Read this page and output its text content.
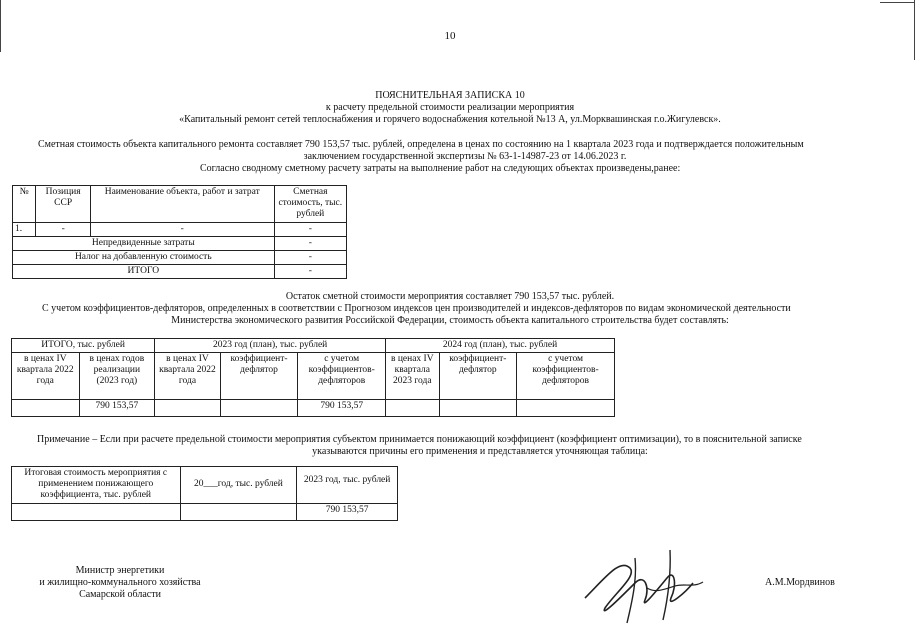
10
ПОЯСНИТЕЛЬНАЯ ЗАПИСКА 10
к расчету предельной стоимости реализации мероприятия
«Капитальный ремонт сетей теплоснабжения и горячего водоснабжения котельной №13 А, ул.Морквашинская г.о.Жигулевск».
Сметная стоимость объекта капитального ремонта составляет 790 153,57 тыс. рублей, определена в ценах по состоянию на 1 квартала 2023 года и подтверждается положительным
заключением государственной экспертизы № 63-1-14987-23 от 14.06.2023 г.
Согласно сводному сметному расчету затраты на выполнение работ на следующих объектах произведены,ранее:
№	Позиция ССР	Наименование объекта, работ и затрат	Сметная стоимость, тыс. рублей
1.	-	-	-
Непредвиденные затраты			-
Налог на добавленную стоимость			-
ИТОГО			-
Остаток сметной стоимости мероприятия составляет 790 153,57 тыс. рублей.
С учетом коэффициентов-дефляторов, определенных в соответствии с Прогнозом индексов цен производителей и индексов-дефляторов по видам экономической деятельности
Министерства экономического развития Российской Федерации, стоимость объекта капитального строительства будет составлять:
ИТОГО, тыс. рублей		2023 год (план), тыс. рублей			2024 год (план), тыс. рублей		
в ценах IV квартала 2022 года	в ценах годов реализации (2023 год)	в ценах IV квартала 2022 года	коэффициент-дефлятор	с учетом коэффициентов-дефляторов	в ценах IV квартала 2023 года	коэффициент-дефлятор	с учетом коэффициентов-дефляторов
	790 153,57			790 153,57			
Примечание – Если при расчете предельной стоимости мероприятия субъектом принимается понижающий коэффициент (коэффициент оптимизации), то в пояснительной записке
указываются причины его применения и представляется уточняющая таблица:
Итоговая стоимость мероприятия с применением понижающего коэффициента, тыс. рублей	20___год, тыс. рублей	2023 год, тыс. рублей
		790 153,57
Министр энергетики
и жилищно-коммунального хозяйства
Самарской области
А.М.Мордвинов
